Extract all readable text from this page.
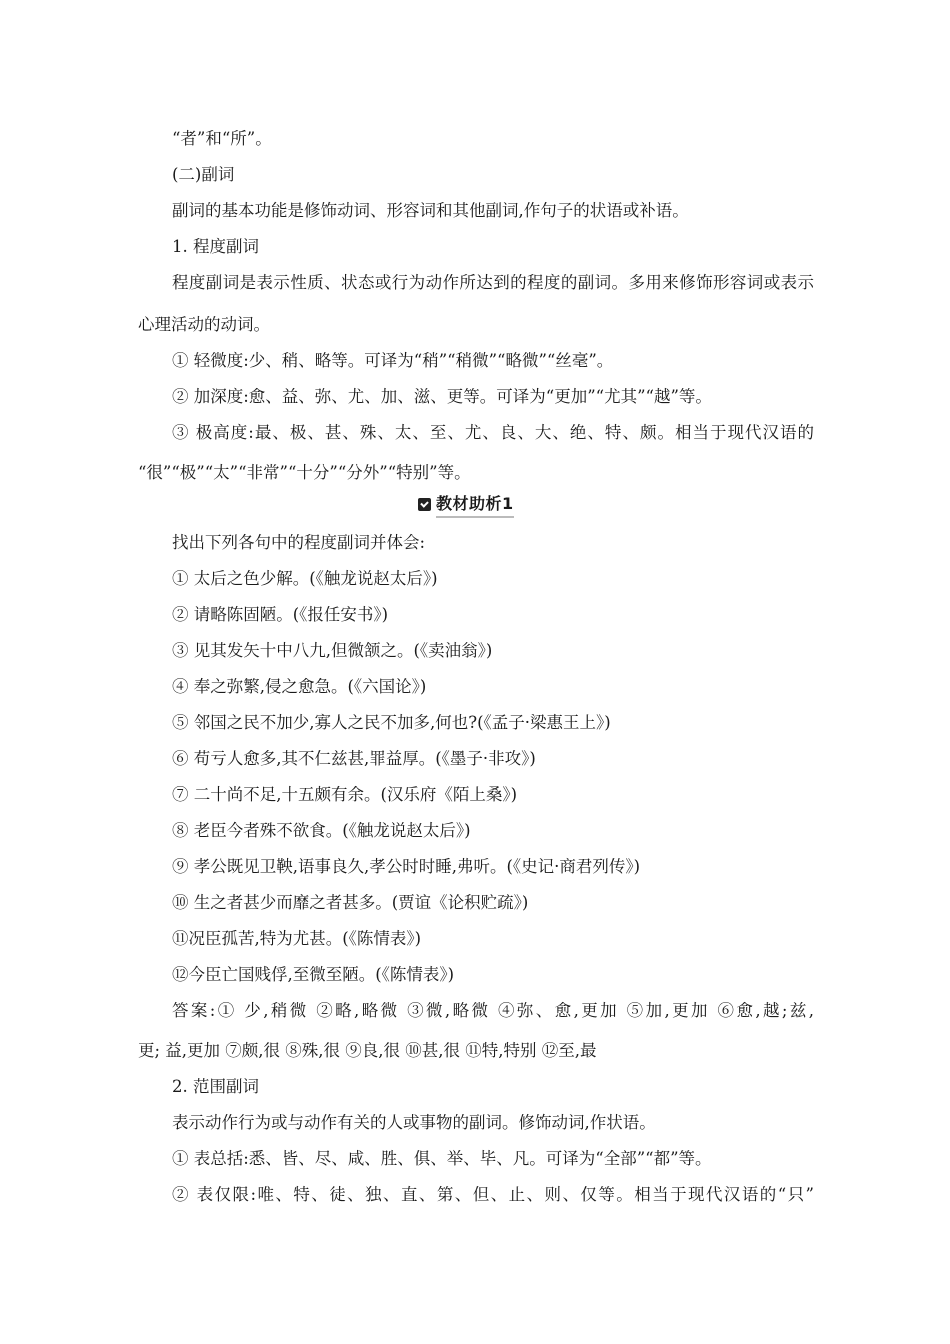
“者”和“所”。
(二)副词
副词的基本功能是修饰动词、形容词和其他副词,作句子的状语或补语。
1. 程度副词
程度副词是表示性质、状态或行为动作所达到的程度的副词。多用来修饰形容词或表示
心理活动的动词。
① 轻微度:少、稍、略等。可译为“稍”“稍微”“略微”“丝毫”。
② 加深度:愈、益、弥、尤、加、滋、更等。可译为“更加”“尤其”“越”等。
③ 极高度:最、极、甚、殊、太、至、尤、良、大、绝、特、颇。相当于现代汉语的
“很”“极”“太”“非常”“十分”“分外”“特别”等。
教材助析1
找出下列各句中的程度副词并体会:
① 太后之色少解。(《触龙说赵太后》)
② 请略陈固陋。(《报任安书》)
③ 见其发矢十中八九,但微颔之。(《卖油翁》)
④ 奉之弥繁,侵之愈急。(《六国论》)
⑤ 邻国之民不加少,寡人之民不加多,何也?(《孟子·梁惠王上》)
⑥ 苟亏人愈多,其不仁兹甚,罪益厚。(《墨子·非攻》)
⑦ 二十尚不足,十五颇有余。(汉乐府《陌上桑》)
⑧ 老臣今者殊不欲食。(《触龙说赵太后》)
⑨ 孝公既见卫鞅,语事良久,孝公时时睡,弗听。(《史记·商君列传》)
⑩ 生之者甚少而靡之者甚多。(贾谊《论积贮疏》)
⑪况臣孤苦,特为尤甚。(《陈情表》)
⑫今臣亡国贱俘,至微至陋。(《陈情表》)
答案:① 少,稍微 ②略,略微 ③微,略微 ④弥、愈,更加 ⑤加,更加 ⑥愈,越;兹,
更; 益,更加 ⑦颇,很 ⑧殊,很 ⑨良,很 ⑩甚,很 ⑪特,特别 ⑫至,最
2. 范围副词
表示动作行为或与动作有关的人或事物的副词。修饰动词,作状语。
① 表总括:悉、皆、尽、咸、胜、俱、举、毕、凡。可译为“全部”“都”等。
② 表仅限:唯、特、徒、独、直、第、但、止、则、仅等。相当于现代汉语的“只”
